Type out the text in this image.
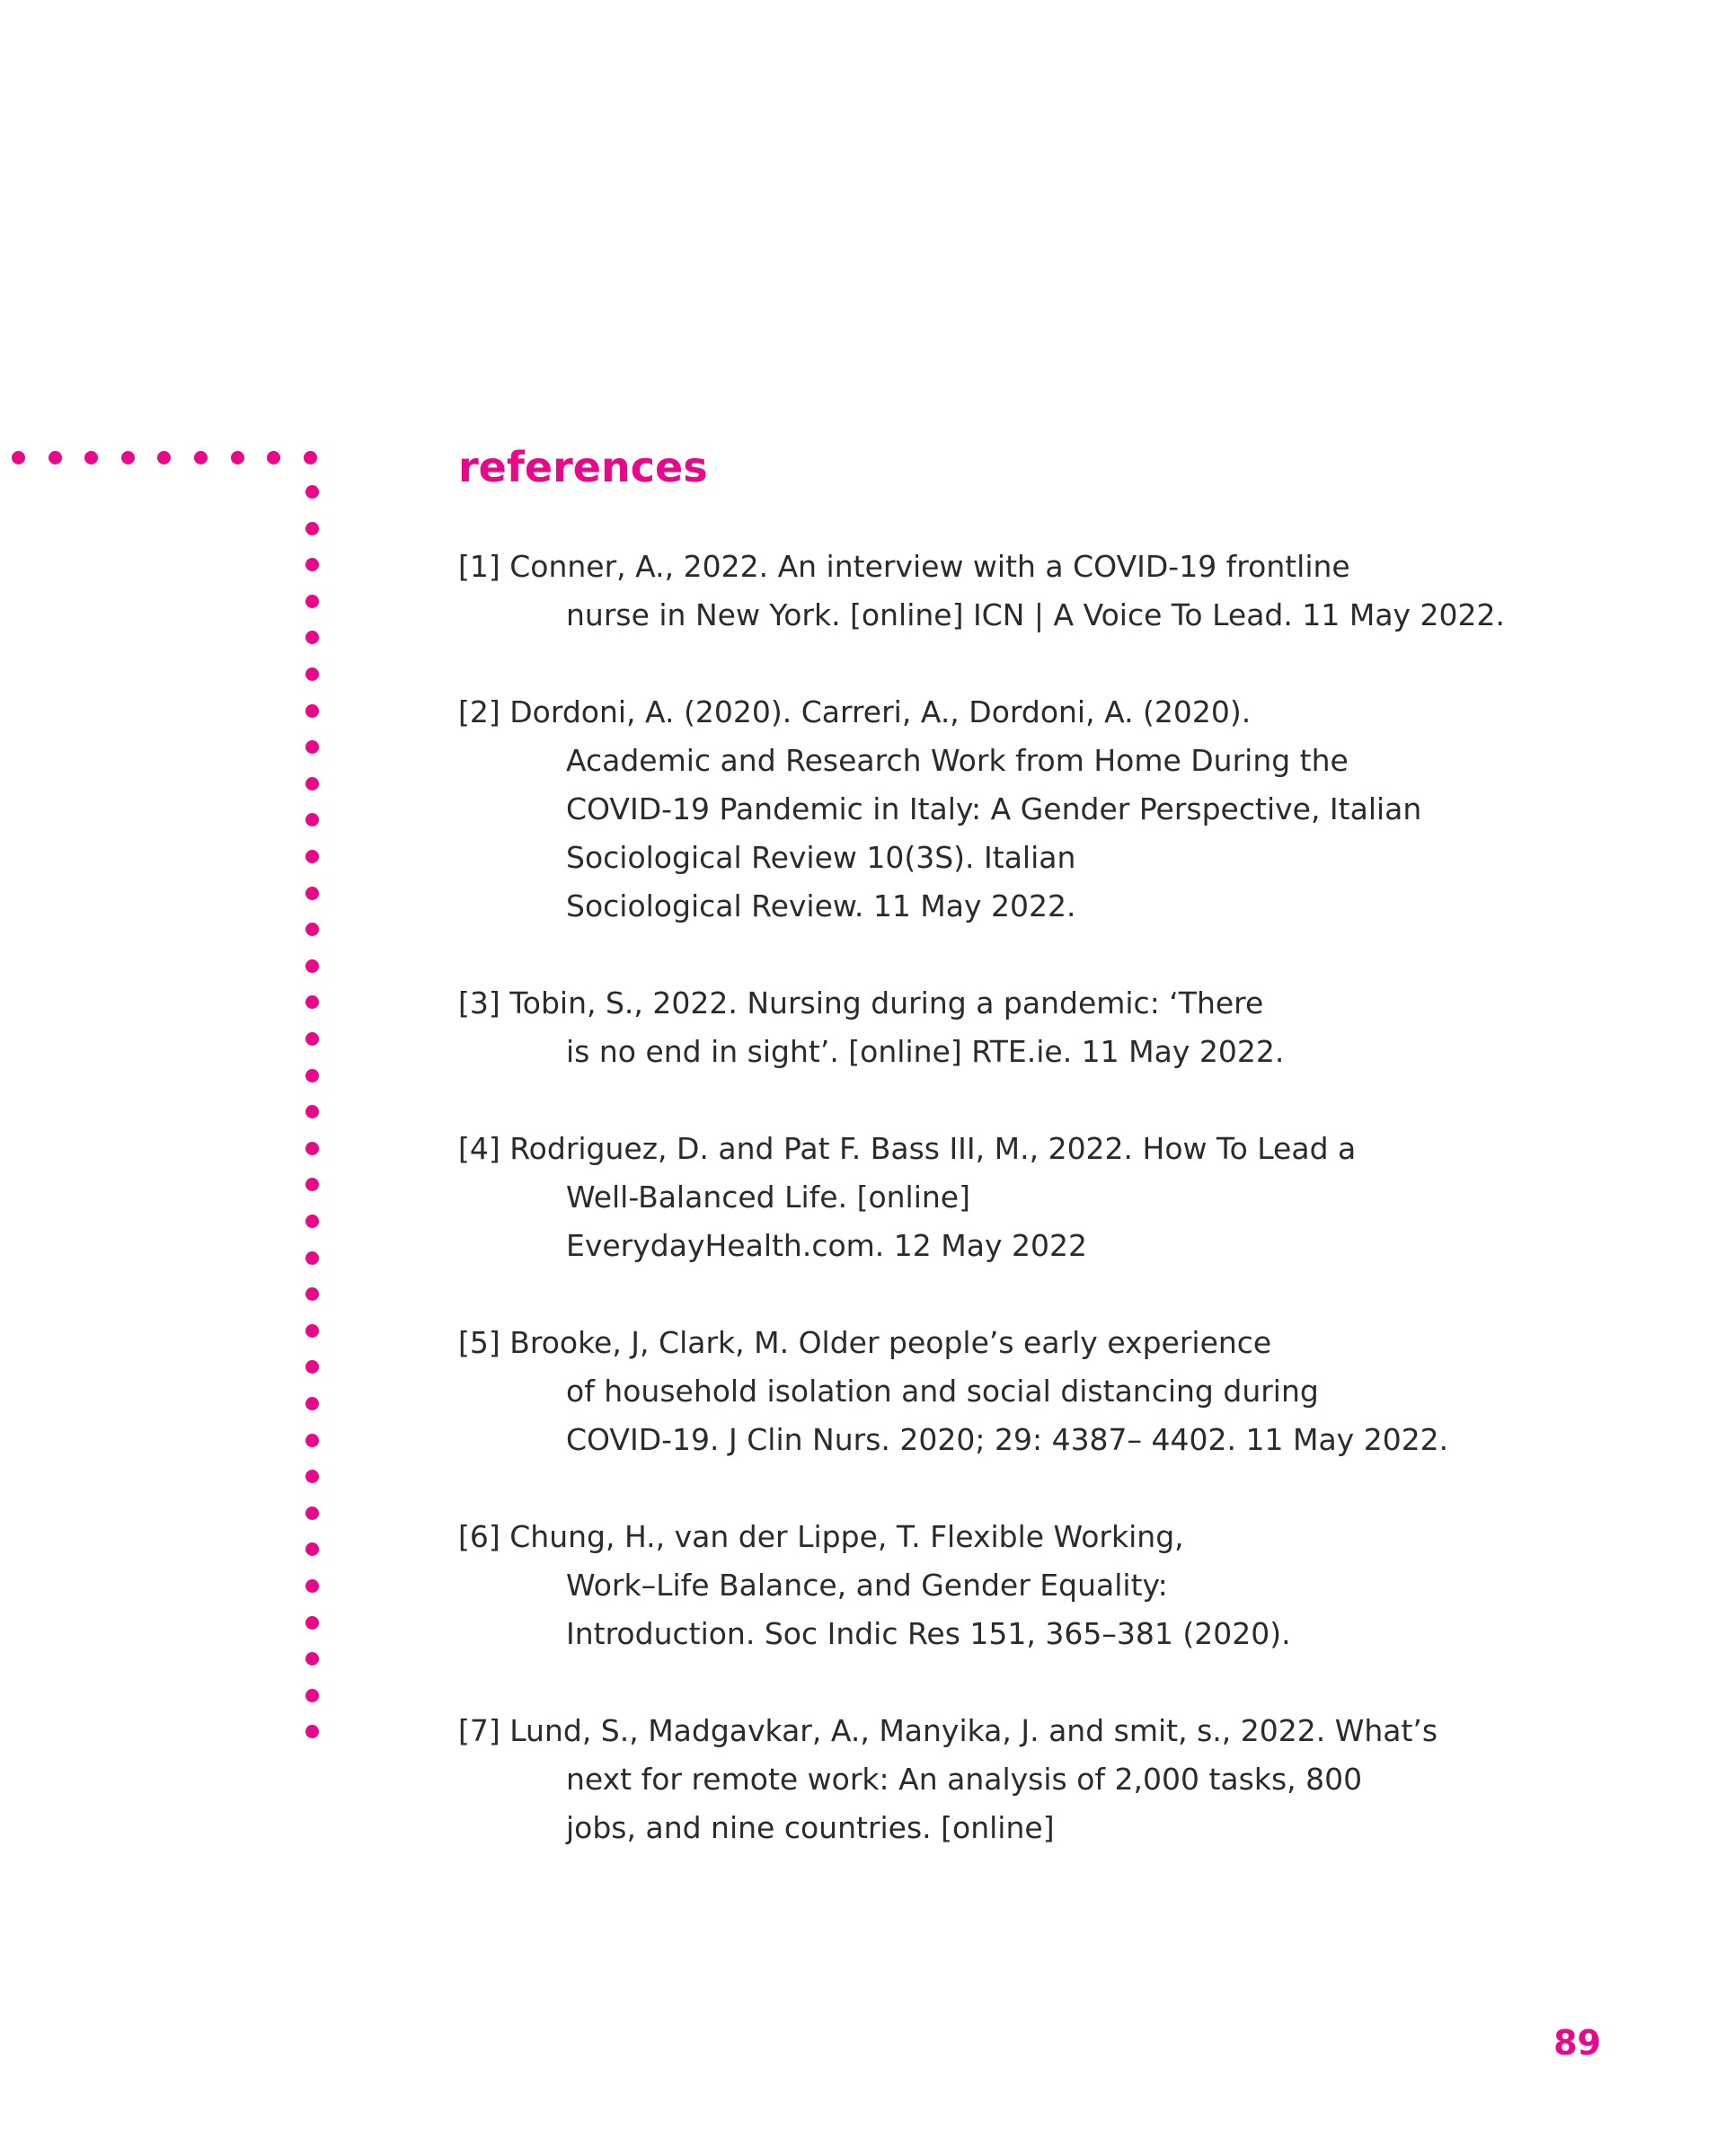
references
[1] Conner, A., 2022. An interview with a COVID-19 frontline
nurse in New York. [online] ICN | A Voice To Lead. 11 May 2022.
[2] Dordoni, A. (2020). Carreri, A., Dordoni, A. (2020).
Academic and Research Work from Home During the
COVID-19 Pandemic in Italy: A Gender Perspective, Italian
Sociological Review 10(3S). Italian
Sociological Review. 11 May 2022.
[3] Tobin, S., 2022. Nursing during a pandemic: ‘There
is no end in sight’. [online] RTE.ie. 11 May 2022.
[4] Rodriguez, D. and Pat F. Bass III, M., 2022. How To Lead a
Well-Balanced Life. [online]
EverydayHealth.com. 12 May 2022
[5] Brooke, J, Clark, M. Older people’s early experience
of household isolation and social distancing during
COVID-19. J Clin Nurs. 2020; 29: 4387– 4402. 11 May 2022.
[6] Chung, H., van der Lippe, T. Flexible Working,
Work–Life Balance, and Gender Equality:
Introduction. Soc Indic Res 151, 365–381 (2020).
[7] Lund, S., Madgavkar, A., Manyika, J. and smit, s., 2022. What’s
next for remote work: An analysis of 2,000 tasks, 800
jobs, and nine countries. [online]
89
